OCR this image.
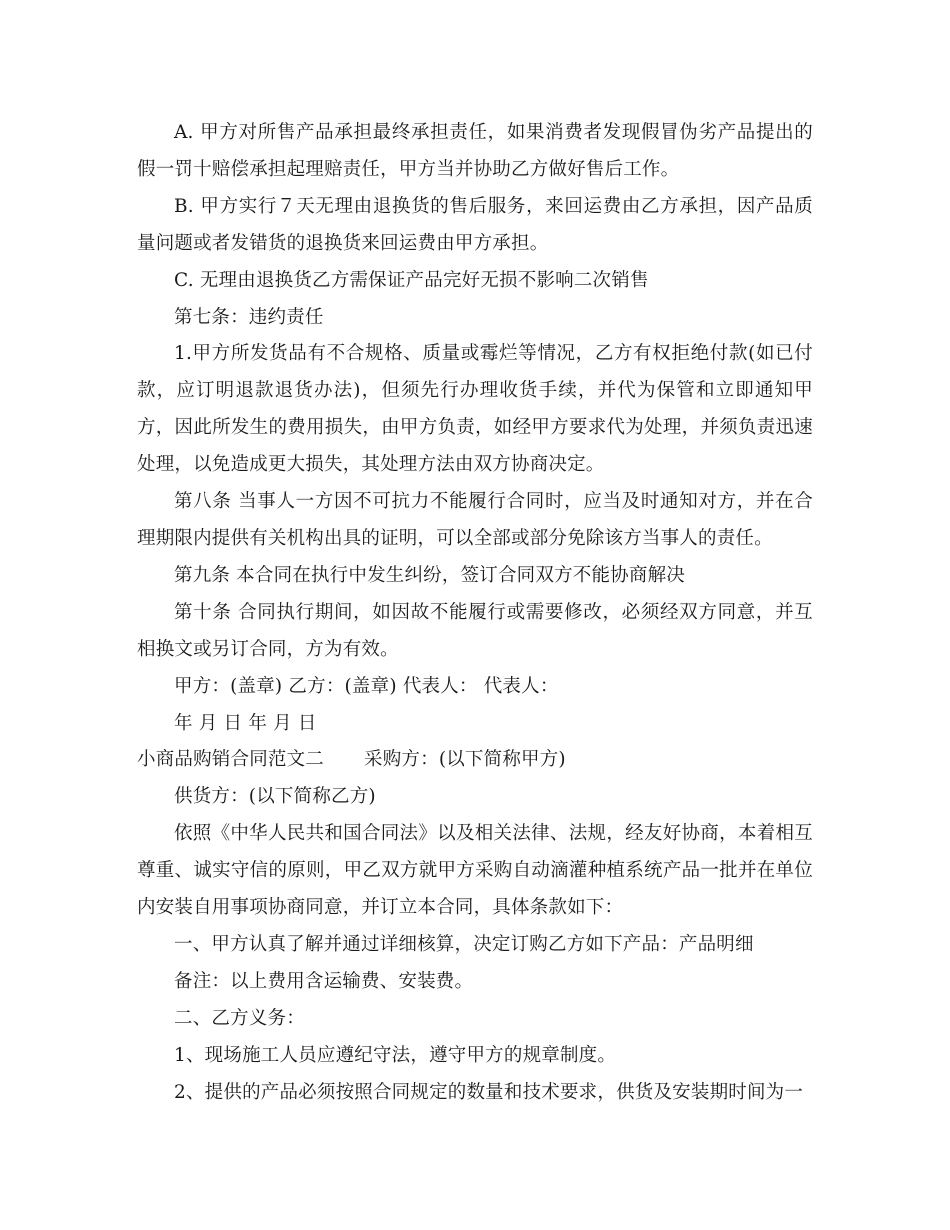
A. 甲方对所售产品承担最终承担责任，如果消费者发现假冒伪劣产品提出的假一罚十赔偿承担起理赔责任，甲方当并协助乙方做好售后工作。

B. 甲方实行７天无理由退换货的售后服务，来回运费由乙方承担，因产品质量问题或者发错货的退换货来回运费由甲方承担。

C. 无理由退换货乙方需保证产品完好无损不影响二次销售

第七条：违约责任

1.甲方所发货品有不合规格、质量或霉烂等情况，乙方有权拒绝付款(如已付款，应订明退款退货办法)，但须先行办理收货手续，并代为保管和立即通知甲方，因此所发生的费用损失，由甲方负责，如经甲方要求代为处理，并须负责迅速处理，以免造成更大损失，其处理方法由双方协商决定。

第八条 当事人一方因不可抗力不能履行合同时，应当及时通知对方，并在合理期限内提供有关机构出具的证明，可以全部或部分免除该方当事人的责任。

第九条 本合同在执行中发生纠纷，签订合同双方不能协商解决

第十条 合同执行期间，如因故不能履行或需要修改，必须经双方同意，并互相换文或另订合同，方为有效。

甲方：(盖章) 乙方：(盖章) 代表人： 代表人：

年 月 日 年 月 日

小商品购销合同范文二 采购方：(以下简称甲方)

供货方：(以下简称乙方)

依照《中华人民共和国合同法》以及相关法律、法规，经友好协商，本着相互尊重、诚实守信的原则，甲乙双方就甲方采购自动滴灌种植系统产品一批并在单位内安装自用事项协商同意，并订立本合同，具体条款如下：

一、甲方认真了解并通过详细核算，决定订购乙方如下产品：产品明细

备注：以上费用含运输费、安装费。

二、乙方义务：

1、现场施工人员应遵纪守法，遵守甲方的规章制度。

2、提供的产品必须按照合同规定的数量和技术要求，供货及安装期时间为一
